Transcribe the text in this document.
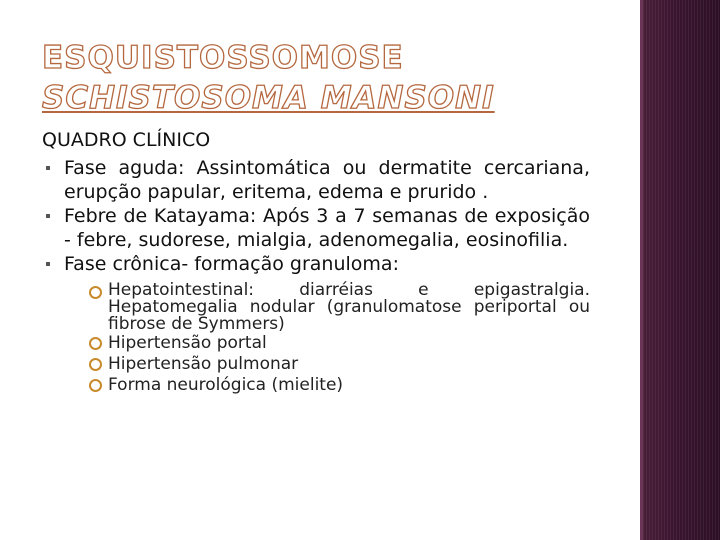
ESQUISTOSSOMOSE
SCHISTOSOMA MANSONI
QUADRO CLÍNICO
Fase aguda: Assintomática ou dermatite cercariana, erupção papular, eritema, edema e prurido .
Febre de Katayama: Após 3 a 7 semanas de exposição - febre, sudorese, mialgia, adenomegalia, eosinofilia.
Fase crônica- formação granuloma:
Hepatointestinal: diarréias e epigastralgia. Hepatomegalia nodular (granulomatose periportal ou fibrose de Symmers)
Hipertensão portal
Hipertensão pulmonar
Forma neurológica (mielite)
